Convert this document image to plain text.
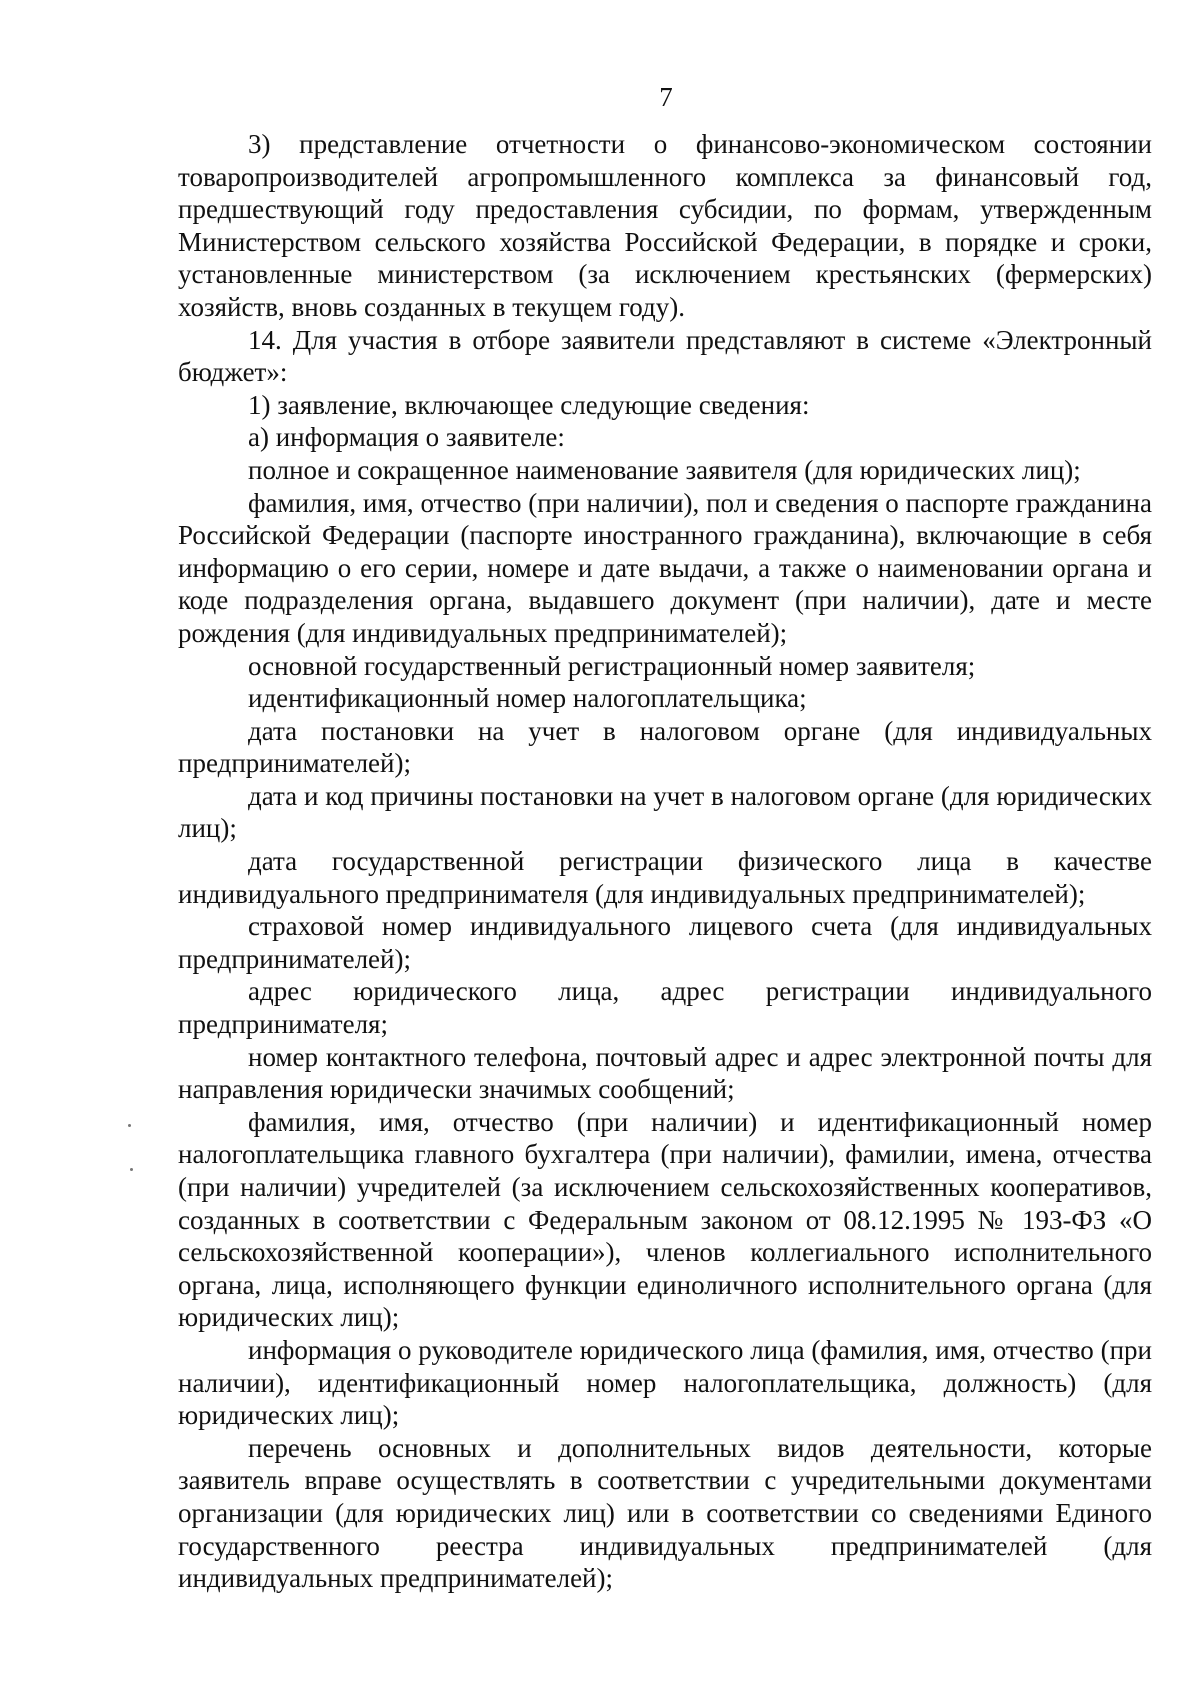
7

3) представление отчетности о финансово-экономическом состоянии товаропроизводителей агропромышленного комплекса за финансовый год, предшествующий году предоставления субсидии, по формам, утвержденным Министерством сельского хозяйства Российской Федерации, в порядке и сроки, установленные министерством (за исключением крестьянских (фермерских) хозяйств, вновь созданных в текущем году).

14. Для участия в отборе заявители представляют в системе «Электронный бюджет»:

1) заявление, включающее следующие сведения:

а) информация о заявителе:

полное и сокращенное наименование заявителя (для юридических лиц);

фамилия, имя, отчество (при наличии), пол и сведения о паспорте гражданина Российской Федерации (паспорте иностранного гражданина), включающие в себя информацию о его серии, номере и дате выдачи, а также о наименовании органа и коде подразделения органа, выдавшего документ (при наличии), дате и месте рождения (для индивидуальных предпринимателей);

основной государственный регистрационный номер заявителя;

идентификационный номер налогоплательщика;

дата постановки на учет в налоговом органе (для индивидуальных предпринимателей);

дата и код причины постановки на учет в налоговом органе (для юридических лиц);

дата государственной регистрации физического лица в качестве индивидуального предпринимателя (для индивидуальных предпринимателей);

страховой номер индивидуального лицевого счета (для индивидуальных предпринимателей);

адрес юридического лица, адрес регистрации индивидуального предпринимателя;

номер контактного телефона, почтовый адрес и адрес электронной почты для направления юридически значимых сообщений;

фамилия, имя, отчество (при наличии) и идентификационный номер налогоплательщика главного бухгалтера (при наличии), фамилии, имена, отчества (при наличии) учредителей (за исключением сельскохозяйственных кооперативов, созданных в соответствии с Федеральным законом от 08.12.1995 № 193-ФЗ «О сельскохозяйственной кооперации»), членов коллегиального исполнительного органа, лица, исполняющего функции единоличного исполнительного органа (для юридических лиц);

информация о руководителе юридического лица (фамилия, имя, отчество (при наличии), идентификационный номер налогоплательщика, должность) (для юридических лиц);

перечень основных и дополнительных видов деятельности, которые заявитель вправе осуществлять в соответствии с учредительными документами организации (для юридических лиц) или в соответствии со сведениями Единого государственного реестра индивидуальных предпринимателей (для индивидуальных предпринимателей);
